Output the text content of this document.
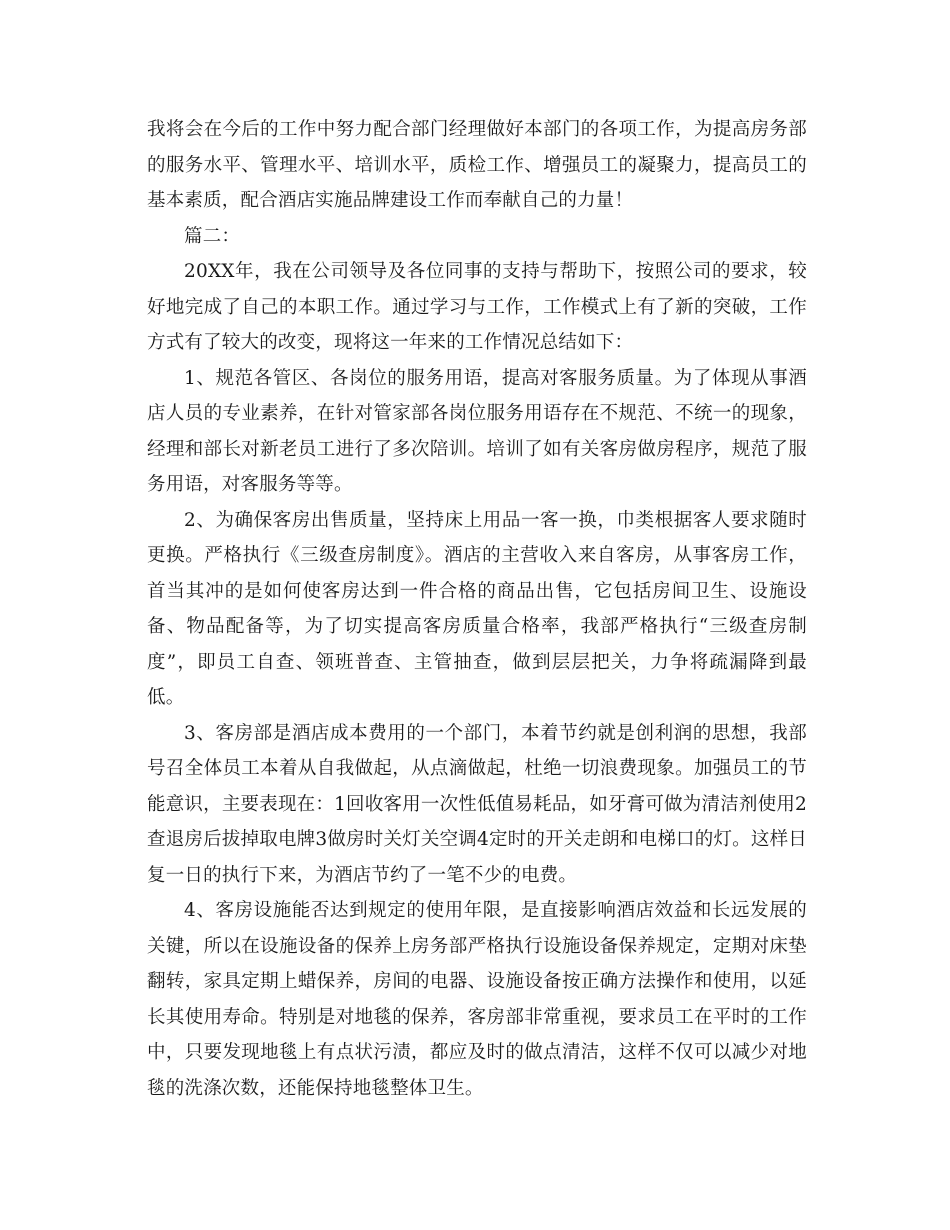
我将会在今后的工作中努力配合部门经理做好本部门的各项工作，为提高房务部的服务水平、管理水平、培训水平，质检工作、增强员工的凝聚力，提高员工的基本素质，配合酒店实施品牌建设工作而奉献自己的力量！

篇二：

20XX年，我在公司领导及各位同事的支持与帮助下，按照公司的要求，较好地完成了自己的本职工作。通过学习与工作，工作模式上有了新的突破，工作方式有了较大的改变，现将这一年来的工作情况总结如下：

1、规范各管区、各岗位的服务用语，提高对客服务质量。为了体现从事酒店人员的专业素养，在针对管家部各岗位服务用语存在不规范、不统一的现象，经理和部长对新老员工进行了多次陪训。培训了如有关客房做房程序，规范了服务用语，对客服务等等。

2、为确保客房出售质量，坚持床上用品一客一换，巾类根据客人要求随时更换。严格执行《三级查房制度》。酒店的主营收入来自客房，从事客房工作，首当其冲的是如何使客房达到一件合格的商品出售，它包括房间卫生、设施设备、物品配备等，为了切实提高客房质量合格率，我部严格执行“三级查房制度”，即员工自查、领班普查、主管抽查，做到层层把关，力争将疏漏降到最低。

3、客房部是酒店成本费用的一个部门，本着节约就是创利润的思想，我部号召全体员工本着从自我做起，从点滴做起，杜绝一切浪费现象。加强员工的节能意识，主要表现在：1回收客用一次性低值易耗品，如牙膏可做为清洁剂使用2查退房后拔掉取电牌3做房时关灯关空调4定时的开关走朗和电梯口的灯。这样日复一日的执行下来，为酒店节约了一笔不少的电费。

4、客房设施能否达到规定的使用年限，是直接影响酒店效益和长远发展的关键，所以在设施设备的保养上房务部严格执行设施设备保养规定，定期对床垫翻转，家具定期上蜡保养，房间的电器、设施设备按正确方法操作和使用，以延长其使用寿命。特别是对地毯的保养，客房部非常重视，要求员工在平时的工作中，只要发现地毯上有点状污渍，都应及时的做点清洁，这样不仅可以减少对地毯的洗涤次数，还能保持地毯整体卫生。
